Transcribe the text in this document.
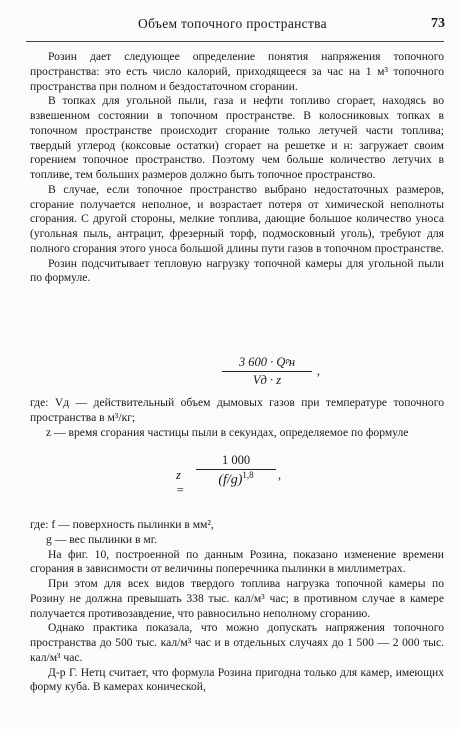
Объем топочного пространства	73

Розин дает следующее определение понятия напряжения топочного пространства: это есть число калорий, приходящееся за час на 1 м³ топочного пространства при полном и бездостаточном сгорании.

В топках для угольной пыли, газа и нефти топливо сгорает, находясь во взвешенном состоянии в топочном пространстве. В колосниковых топках в топочном пространстве происходит сгорание только летучей части топлива; твердый углерод (коксовые остатки) сгорает на решетке и н: загружает своим горением топочное пространство. Поэтому чем больше количество летучих в топливе, тем больших размеров должно быть топочное пространство.

В случае, если топочное пространство выбрано недостаточных размеров, сгорание получается неполное, и возрастает потеря от химической неполноты сгорания. С другой стороны, мелкие топлива, дающие большое количество уноса (угольная пыль, антрацит, фрезерный торф, подмосковный уголь), требуют для полного сгорания этого уноса большой длины пути газов в топочном пространстве.

Розин подсчитывает тепловую нагрузку топочной камеры для угольной пыли по формуле.

3 600 · Qᵖн
Vд · z
,

где: Vд — действительный объем дымовых газов при температуре топочного пространства в м³/кг;

z — время сгорания частицы пыли в секундах, определяемое по формуле

z =
$\frac{1 000}{(f/g)^{1,8}}$ ,

где: f — поверхность пылинки в мм²,

g — вес пылинки в мг.

На фиг. 10, построенной по данным Розина, показано изменение времени сгорания в зависимости от величины поперечника пылинки в миллиметрах.

При этом для всех видов твердого топлива нагрузка топочной камеры по Розину не должна превышать 338 тыс. кал/м³ час; в противном случае в камере получается противозавдение, что равносильно неполному сгоранию.

Однако практика показала, что можно допускать напряжения топочного пространства до 500 тыс. кал/м³ час и в отдельных случаях до 1 500 — 2 000 тыс. кал/м³ час.

Д-р Г. Нетц считает, что формула Розина пригодна только для камер, имеющих форму куба. В камерах конической,
